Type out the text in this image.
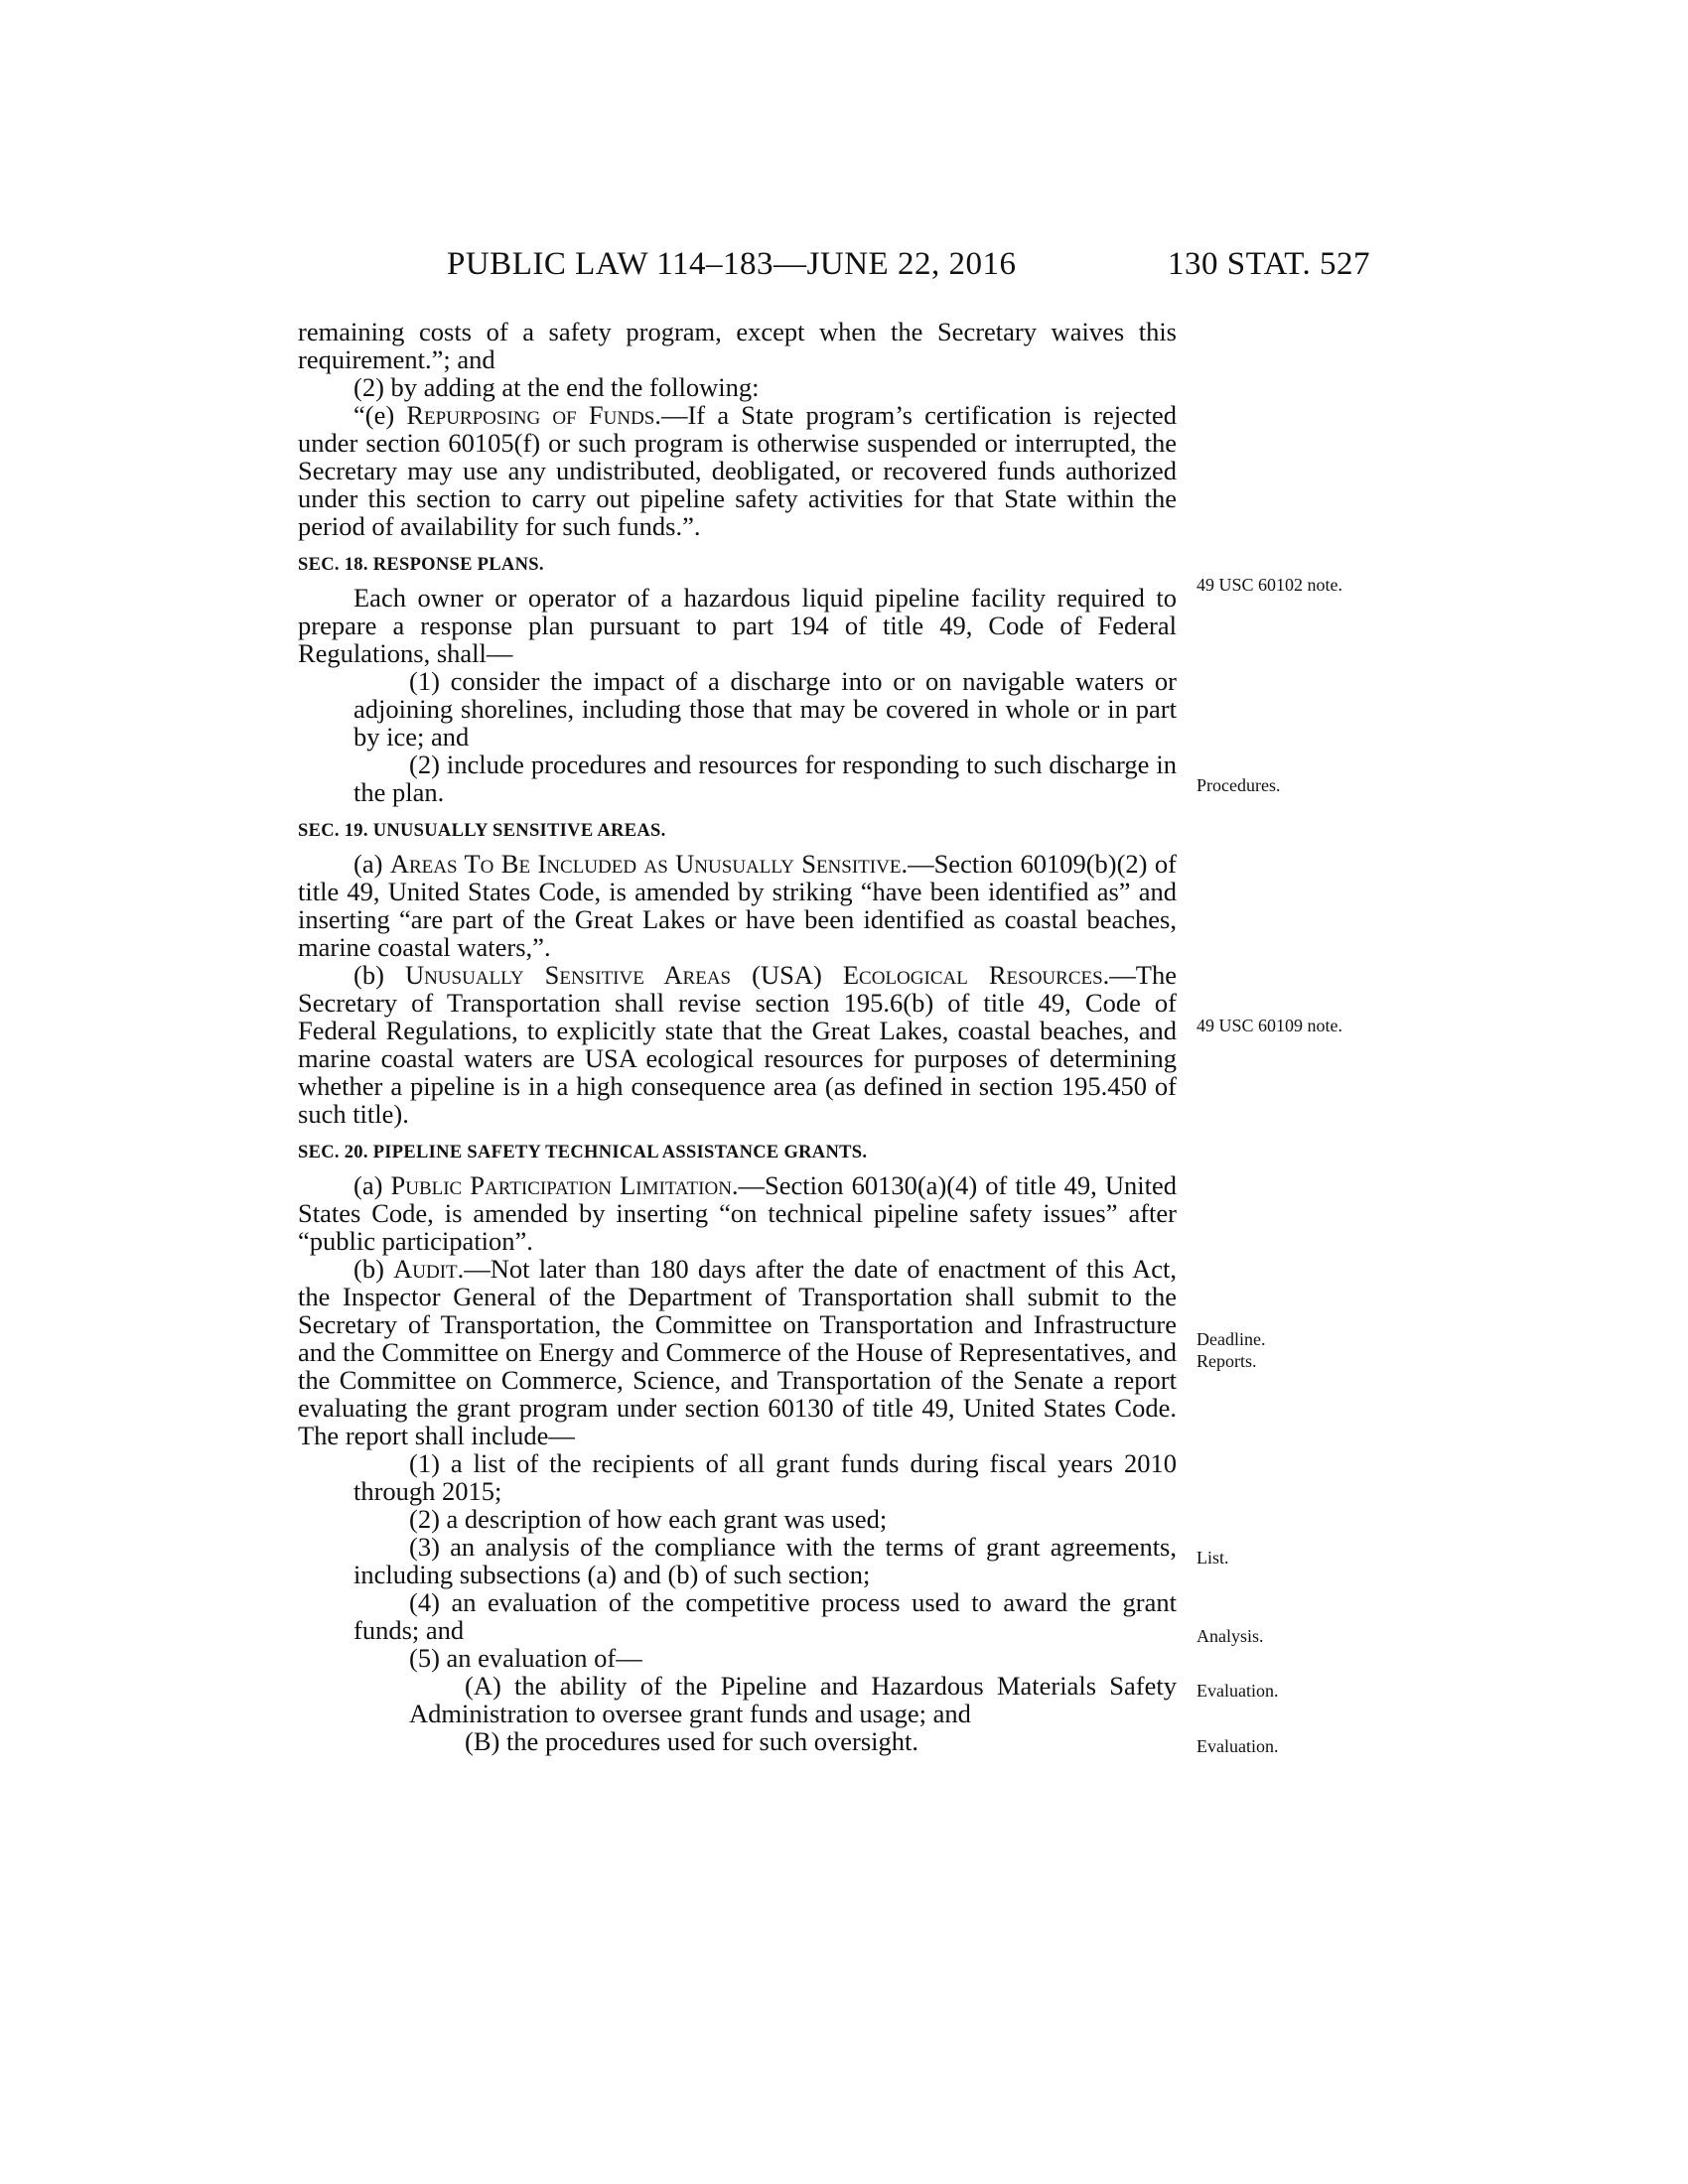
PUBLIC LAW 114–183—JUNE 22, 2016	130 STAT. 527

remaining costs of a safety program, except when the Secretary waives this requirement.”; and

(2) by adding at the end the following:

“(e) Repurposing of Funds.—If a State program’s certification is rejected under section 60105(f) or such program is otherwise suspended or interrupted, the Secretary may use any undistributed, deobligated, or recovered funds authorized under this section to carry out pipeline safety activities for that State within the period of availability for such funds.”.

SEC. 18. RESPONSE PLANS.

Each owner or operator of a hazardous liquid pipeline facility required to prepare a response plan pursuant to part 194 of title 49, Code of Federal Regulations, shall—

(1) consider the impact of a discharge into or on navigable waters or adjoining shorelines, including those that may be covered in whole or in part by ice; and

(2) include procedures and resources for responding to such discharge in the plan.

SEC. 19. UNUSUALLY SENSITIVE AREAS.

(a) Areas To Be Included as Unusually Sensitive.—Section 60109(b)(2) of title 49, United States Code, is amended by striking “have been identified as” and inserting “are part of the Great Lakes or have been identified as coastal beaches, marine coastal waters,”.

(b) Unusually Sensitive Areas (USA) Ecological Resources.—The Secretary of Transportation shall revise section 195.6(b) of title 49, Code of Federal Regulations, to explicitly state that the Great Lakes, coastal beaches, and marine coastal waters are USA ecological resources for purposes of determining whether a pipeline is in a high consequence area (as defined in section 195.450 of such title).

SEC. 20. PIPELINE SAFETY TECHNICAL ASSISTANCE GRANTS.

(a) Public Participation Limitation.—Section 60130(a)(4) of title 49, United States Code, is amended by inserting “on technical pipeline safety issues” after “public participation”.

(b) Audit.—Not later than 180 days after the date of enactment of this Act, the Inspector General of the Department of Transportation shall submit to the Secretary of Transportation, the Committee on Transportation and Infrastructure and the Committee on Energy and Commerce of the House of Representatives, and the Committee on Commerce, Science, and Transportation of the Senate a report evaluating the grant program under section 60130 of title 49, United States Code. The report shall include—

(1) a list of the recipients of all grant funds during fiscal years 2010 through 2015;

(2) a description of how each grant was used;

(3) an analysis of the compliance with the terms of grant agreements, including subsections (a) and (b) of such section;

(4) an evaluation of the competitive process used to award the grant funds; and

(5) an evaluation of—

(A) the ability of the Pipeline and Hazardous Materials Safety Administration to oversee grant funds and usage; and

(B) the procedures used for such oversight.

49 USC 60102 note.
Procedures.
49 USC 60109 note.
Deadline. Reports.
List.
Analysis.
Evaluation.
Evaluation.
